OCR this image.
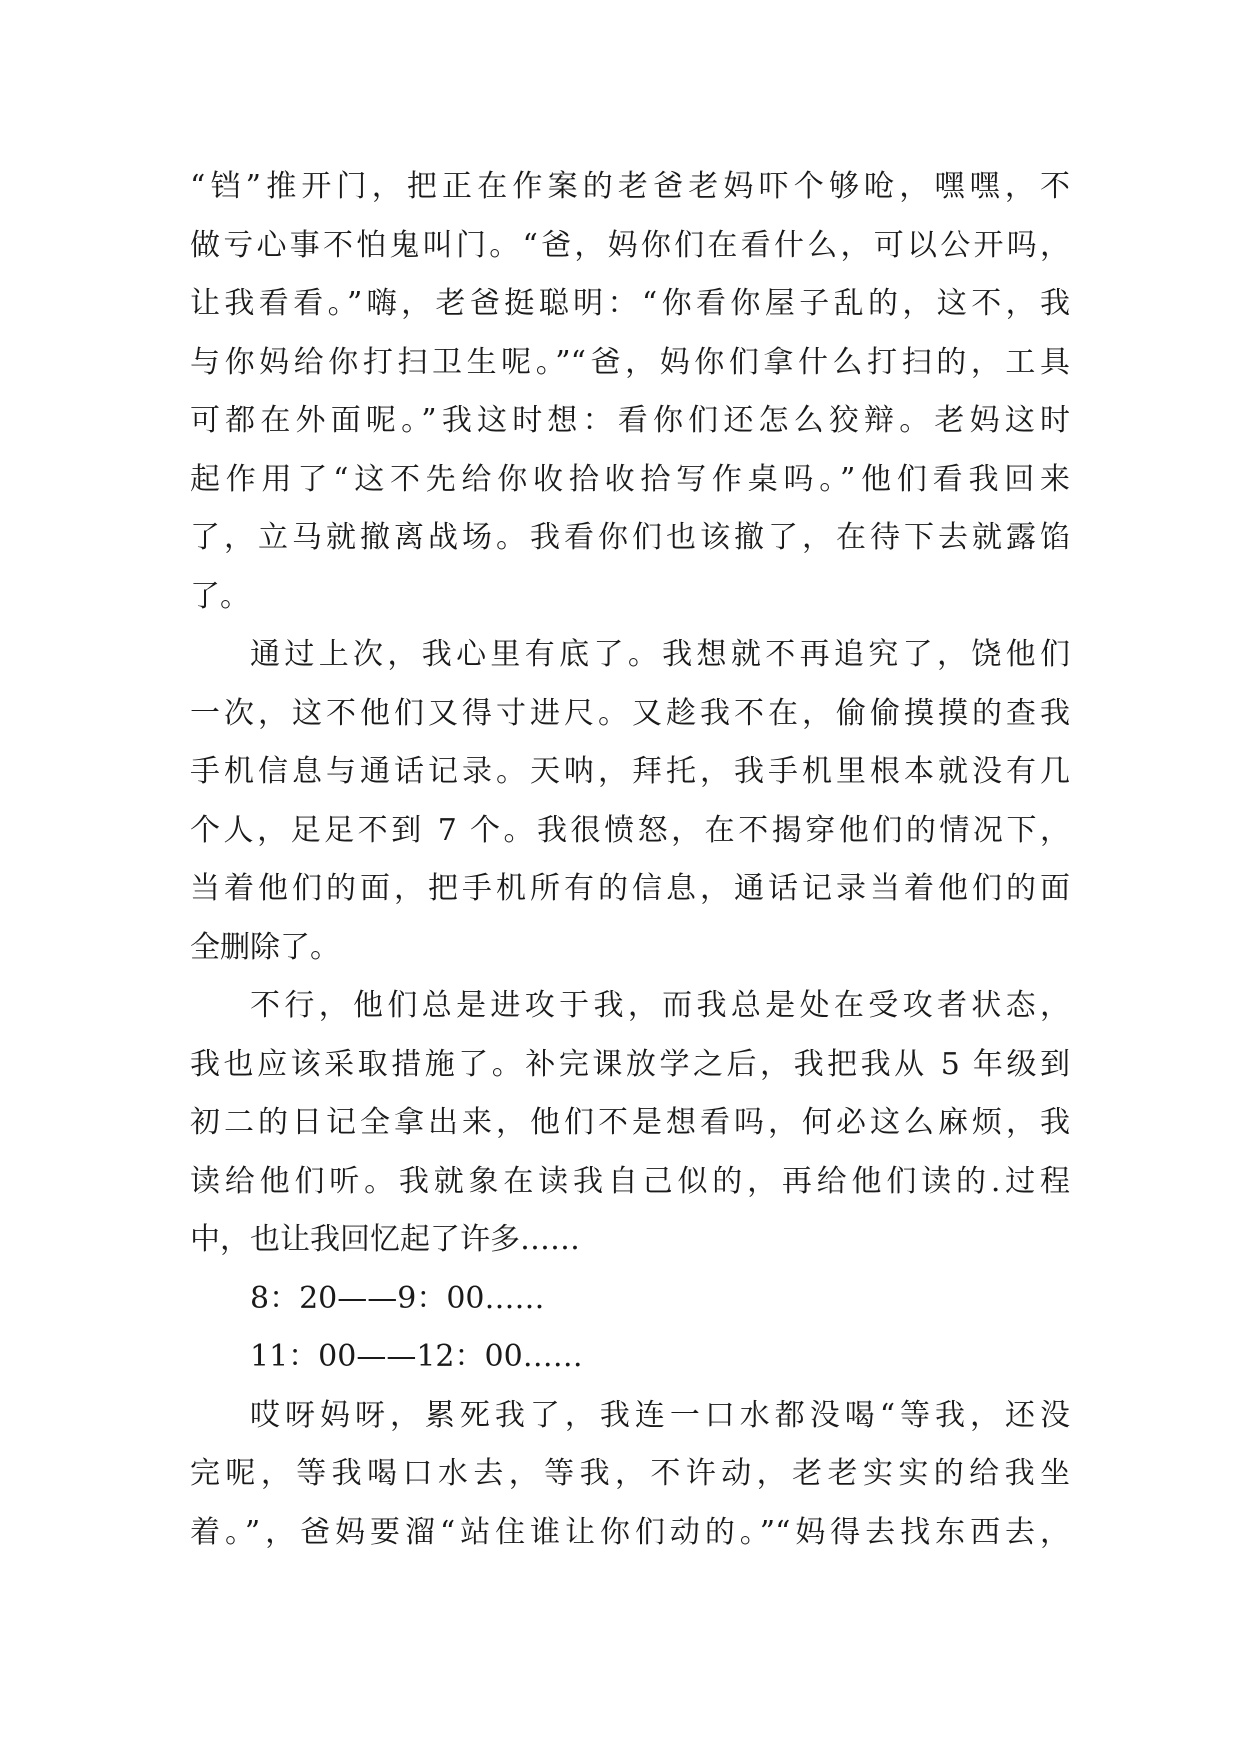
“铛”推开门，把正在作案的老爸老妈吓个够呛，嘿嘿，不
做亏心事不怕鬼叫门。“爸，妈你们在看什么，可以公开吗，
让我看看。”嗨，老爸挺聪明：“你看你屋子乱的，这不，我
与你妈给你打扫卫生呢。”“爸，妈你们拿什么打扫的，工具
可都在外面呢。”我这时想：看你们还怎么狡辩。老妈这时
起作用了“这不先给你收拾收拾写作桌吗。”他们看我回来
了，立马就撤离战场。我看你们也该撤了，在待下去就露馅
了。
通过上次，我心里有底了。我想就不再追究了，饶他们
一次，这不他们又得寸进尺。又趁我不在，偷偷摸摸的查我
手机信息与通话记录。天呐，拜托，我手机里根本就没有几
个人，足足不到 7 个。我很愤怒，在不揭穿他们的情况下，
当着他们的面，把手机所有的信息，通话记录当着他们的面
全删除了。
不行，他们总是进攻于我，而我总是处在受攻者状态，
我也应该采取措施了。补完课放学之后，我把我从 5 年级到
初二的日记全拿出来，他们不是想看吗，何必这么麻烦，我
读给他们听。我就象在读我自己似的，再给他们读的.过程
中，也让我回忆起了许多……
8：20——9：00……
11：00——12：00……
哎呀妈呀，累死我了，我连一口水都没喝“等我，还没
完呢，等我喝口水去，等我，不许动，老老实实的给我坐
着。”，爸妈要溜“站住谁让你们动的。”“妈得去找东西去，
